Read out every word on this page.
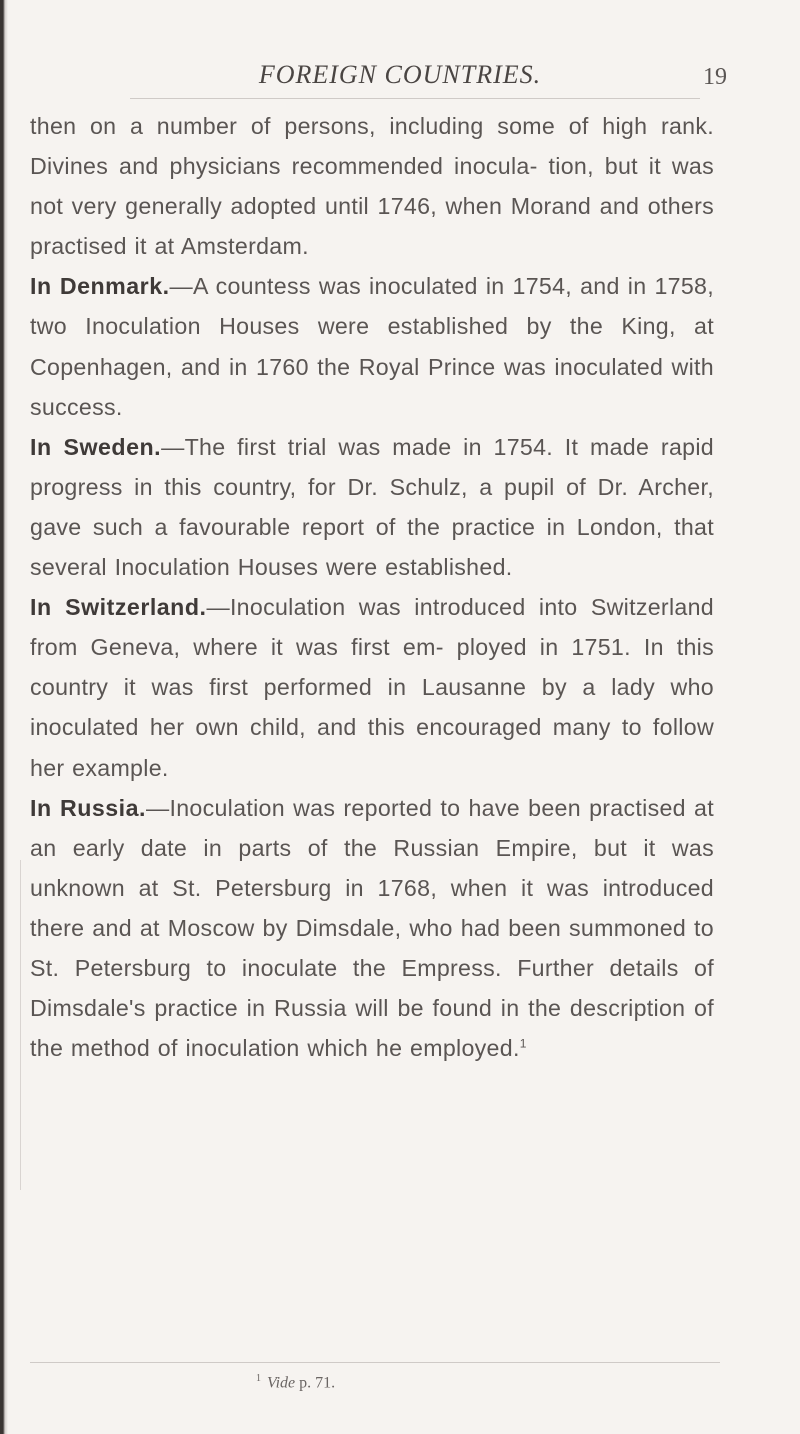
FOREIGN COUNTRIES.	19

then on a number of persons, including some of high rank. Divines and physicians recommended inocula- tion, but it was not very generally adopted until 1746, when Morand and others practised it at Amsterdam.

In Denmark.—A countess was inoculated in 1754, and in 1758, two Inoculation Houses were established by the King, at Copenhagen, and in 1760 the Royal Prince was inoculated with success.

In Sweden.—The first trial was made in 1754. It made rapid progress in this country, for Dr. Schulz, a pupil of Dr. Archer, gave such a favourable report of the practice in London, that several Inoculation Houses were established.

In Switzerland.—Inoculation was introduced into Switzerland from Geneva, where it was first em- ployed in 1751. In this country it was first performed in Lausanne by a lady who inoculated her own child, and this encouraged many to follow her example.

In Russia.—Inoculation was reported to have been practised at an early date in parts of the Russian Empire, but it was unknown at St. Petersburg in 1768, when it was introduced there and at Moscow by Dimsdale, who had been summoned to St. Petersburg to inoculate the Empress. Further details of Dimsdale's practice in Russia will be found in the description of the method of inoculation which he employed.$^1$

$^1$ Vide p. 71.
